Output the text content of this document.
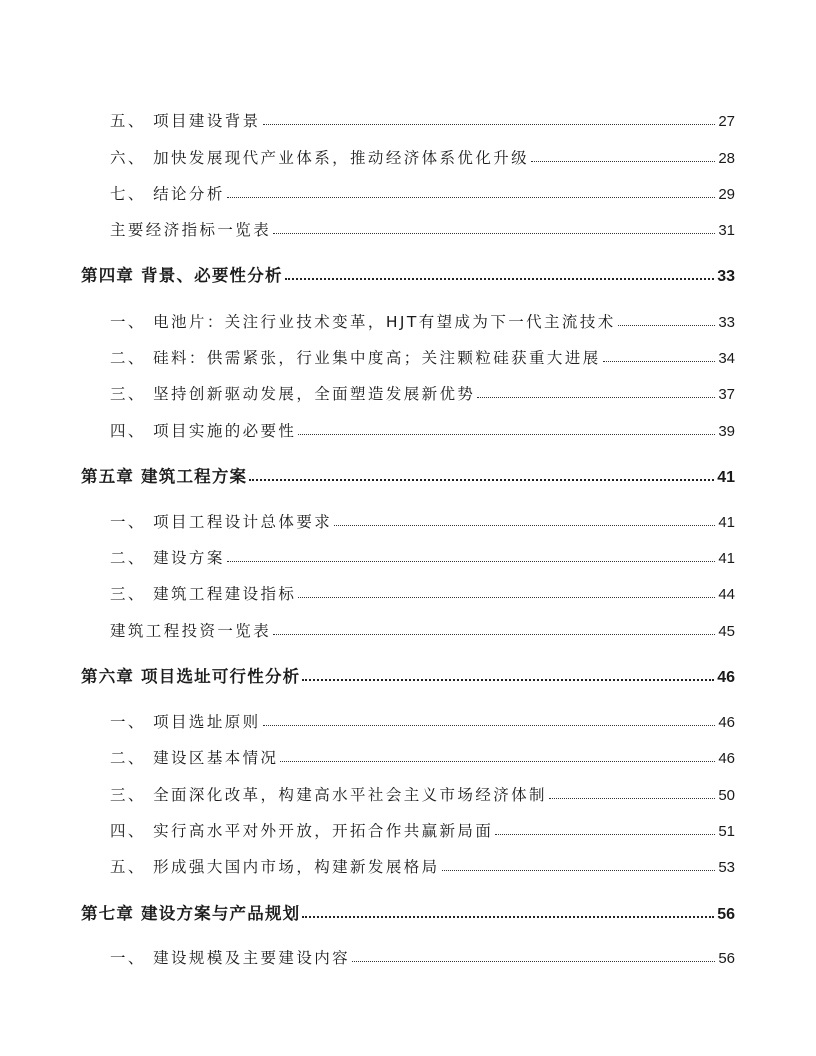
五、 项目建设背景	27
六、 加快发展现代产业体系，推动经济体系优化升级	28
七、 结论分析	29
主要经济指标一览表	31
第四章 背景、必要性分析	33
一、 电池片：关注行业技术变革，HJT有望成为下一代主流技术	33
二、 硅料：供需紧张，行业集中度高；关注颗粒硅获重大进展	34
三、 坚持创新驱动发展，全面塑造发展新优势	37
四、 项目实施的必要性	39
第五章 建筑工程方案	41
一、 项目工程设计总体要求	41
二、 建设方案	41
三、 建筑工程建设指标	44
建筑工程投资一览表	45
第六章 项目选址可行性分析	46
一、 项目选址原则	46
二、 建设区基本情况	46
三、 全面深化改革，构建高水平社会主义市场经济体制	50
四、 实行高水平对外开放，开拓合作共赢新局面	51
五、 形成强大国内市场，构建新发展格局	53
第七章 建设方案与产品规划	56
一、 建设规模及主要建设内容	56
